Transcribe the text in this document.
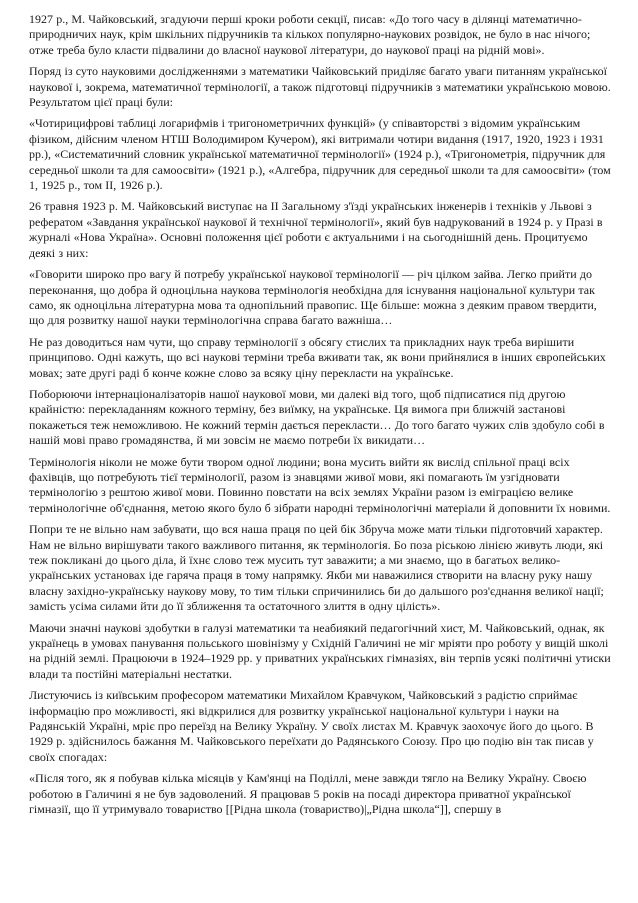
1927 р., М. Чайковський, згадуючи перші кроки роботи секції, писав: «До того часу в ділянці математично-природничих наук, крім шкільних підручників та кількох популярно-наукових розвідок, не було в нас нічого; отже треба було класти підвалини до власної наукової літератури, до наукової праці на рідній мові».

Поряд із суто науковими дослідженнями з математики Чайковський приділяє багато уваги питанням української наукової і, зокрема, математичної термінології, а також підготовці підручників з математики українською мовою. Результатом цієї праці були:

«Чотирицифрові таблиці логарифмів і тригонометричних функцій» (у співавторстві з відомим українським фізиком, дійсним членом НТШ Володимиром Кучером), які витримали чотири видання (1917, 1920, 1923 і 1931 рр.), «Систематичний словник української математичної термінології» (1924 р.), «Тригонометрія, підручник для середньої школи та для самоосвіти» (1921 р.), «Алгебра, підручник для середньої школи та для самоосвіти» (том 1, 1925 р., том II, 1926 р.).

26 травня 1923 р. М. Чайковський виступає на II Загальному з'їзді українських інженерів і техніків у Львові з рефератом «Завдання української наукової й технічної термінології», який був надрукований в 1924 р. у Празі в журналі «Нова Україна». Основні положення цієї роботи є актуальними і на сьогоднішній день. Процитуємо деякі з них:

«Говорити широко про вагу й потребу української наукової термінології — річ цілком зайва. Легко прийти до переконання, що добра й одноцільна наукова термінологія необхідна для існування національної культури так само, як одноцільна літературна мова та однопільний правопис. Ще більше: можна з деяким правом твердити, що для розвитку нашої науки термінологічна справа багато важніша…

Не раз доводиться нам чути, що справу термінології з обсягу стислих та прикладних наук треба вирішити принципово. Одні кажуть, що всі наукові терміни треба вживати так, як вони прийнялися в інших європейських мовах; зате другі раді б конче кожне слово за всяку ціну перекласти на українське.

Поборюючи інтернаціоналізаторів нашої наукової мови, ми далекі від того, щоб підписатися під другою крайністю: перекладанням кожного терміну, без виїмку, на українське. Ця вимога при ближчій застанові покажеться теж неможливою. Не кожний термін дається перекласти… До того багато чужих слів здобуло собі в нашій мові право громадянства, й ми зовсім не маємо потреби їх викидати…

Термінологія ніколи не може бути твором одної людини; вона мусить вийти як вислід спільної праці всіх фахівців, що потребують тієї термінології, разом із знавцями живої мови, які помагають їм узгідновати термінологію з рештою живої мови. Повинно повстати на всіх землях України разом із еміграцією велике термінологічне об'єднання, метою якого було б зібрати народні термінологічні матеріали й доповнити їх новими.

Попри те не вільно нам забувати, що вся наша праця по цей бік Збруча може мати тільки підготовчий характер. Нам не вільно вирішувати такого важливого питання, як термінологія. Бо поза ріською лінією живуть люди, які теж покликані до цього діла, й їхнє слово теж мусить тут заважити; а ми знаємо, що в багатьох велико-українських установах іде гаряча праця в тому напрямку. Якби ми наважилися створити на власну руку нашу власну західно-українську наукову мову, то тим тільки спричинились би до дальшого роз'єднання великої нації; замість усіма силами йти до її зближення та остаточного злиття в одну цілість».

Маючи значні наукові здобутки в галузі математики та неабиякий педагогічний хист, М. Чайковський, однак, як українець в умовах панування польського шовінізму у Східній Галичині не міг мріяти про роботу у вищій школі на рідній землі. Працюючи в 1924–1929 рр. у приватних українських гімназіях, він терпів усякі політичні утиски влади та постійні матеріальні нестатки.

Листуючись із київським професором математики Михайлом Кравчуком, Чайковський з радістю сприймає інформацію про можливості, які відкрилися для розвитку української національної культури і науки на Радянській Україні, мріє про переїзд на Велику Україну. У своїх листах М. Кравчук заохочує його до цього. В 1929 р. здійснилось бажання М. Чайковського переїхати до Радянського Союзу. Про цю подію він так писав у своїх спогадах:

«Після того, як я побував кілька місяців у Кам'янці на Поділлі, мене завжди тягло на Велику Україну. Своєю роботою в Галичині я не був задоволений. Я працював 5 років на посаді директора приватної української гімназії, що її утримувало товариство [[Рідна школа (товариство)|„Рідна школа“]], спершу в
